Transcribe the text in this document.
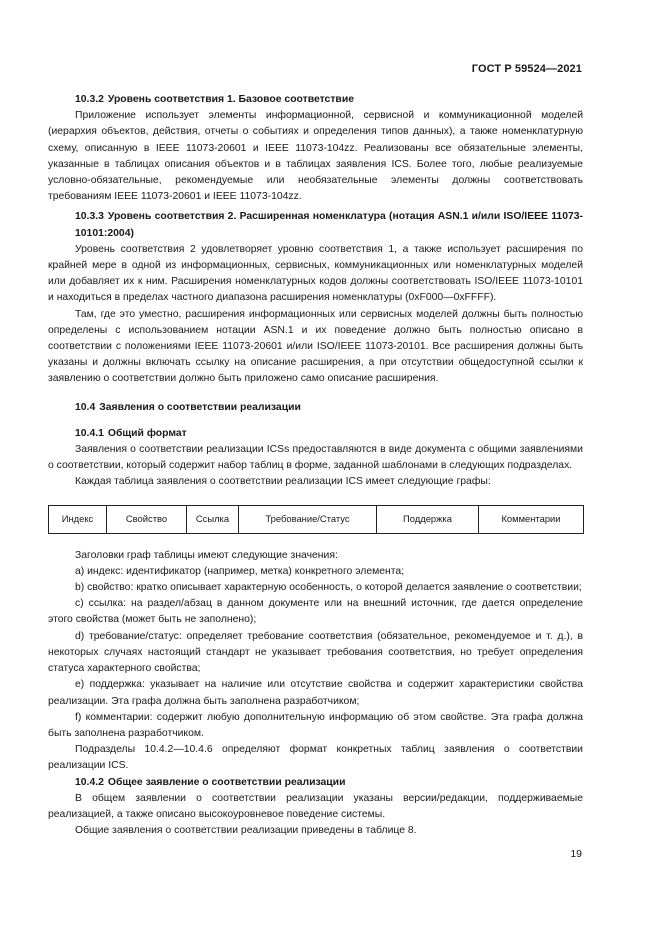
ГОСТ Р 59524—2021
10.3.2 Уровень соответствия 1. Базовое соответствие

Приложение использует элементы информационной, сервисной и коммуникационной моделей (иерархия объектов, действия, отчеты о событиях и определения типов данных), а также номенклатурную схему, описанную в IEEE 11073-20601 и IEEE 11073-104zz. Реализованы все обязательные элементы, указанные в таблицах описания объектов и в таблицах заявления ICS. Более того, любые реализуемые условно-обязательные, рекомендуемые или необязательные элементы должны соответствовать требованиям IEEE 11073-20601 и IEEE 11073-104zz.

10.3.3 Уровень соответствия 2. Расширенная номенклатура (нотация ASN.1 и/или ISO/IEEE 11073-10101:2004)

Уровень соответствия 2 удовлетворяет уровню соответствия 1, а также использует расширения по крайней мере в одной из информационных, сервисных, коммуникационных или номенклатурных моделей или добавляет их к ним. Расширения номенклатурных кодов должны соответствовать ISO/IEEE 11073-10101 и находиться в пределах частного диапазона расширения номенклатуры (0xF000—0xFFFF).

Там, где это уместно, расширения информационных или сервисных моделей должны быть полностью определены с использованием нотации ASN.1 и их поведение должно быть полностью описано в соответствии с положениями IEEE 11073-20601 и/или ISO/IEEE 11073-20101. Все расширения должны быть указаны и должны включать ссылку на описание расширения, а при отсутствии общедоступной ссылки к заявлению о соответствии должно быть приложено само описание расширения.

10.4 Заявления о соответствии реализации
10.4.1 Общий формат

Заявления о соответствии реализации ICSs предоставляются в виде документа с общими заявлениями о соответствии, который содержит набор таблиц в форме, заданной шаблонами в следующих подразделах.

Каждая таблица заявления о соответствии реализации ICS имеет следующие графы:

Индекс	Свойство	Ссылка	Требование/Статус	Поддержка	Комментарии

Заголовки граф таблицы имеют следующие значения:

a) индекс: идентификатор (например, метка) конкретного элемента;

b) свойство: кратко описывает характерную особенность, о которой делается заявление о соответствии;

c) ссылка: на раздел/абзац в данном документе или на внешний источник, где дается определение этого свойства (может быть не заполнено);

d) требование/статус: определяет требование соответствия (обязательное, рекомендуемое и т. д.), в некоторых случаях настоящий стандарт не указывает требования соответствия, но требует определения статуса характерного свойства;

e) поддержка: указывает на наличие или отсутствие свойства и содержит характеристики свойства реализации. Эта графа должна быть заполнена разработчиком;

f) комментарии: содержит любую дополнительную информацию об этом свойстве. Эта графа должна быть заполнена разработчиком.

Подразделы 10.4.2—10.4.6 определяют формат конкретных таблиц заявления о соответствии реализации ICS.

10.4.2 Общее заявление о соответствии реализации

В общем заявлении о соответствии реализации указаны версии/редакции, поддерживаемые реализацией, а также описано высокоуровневое поведение системы.

Общие заявления о соответствии реализации приведены в таблице 8.

19
